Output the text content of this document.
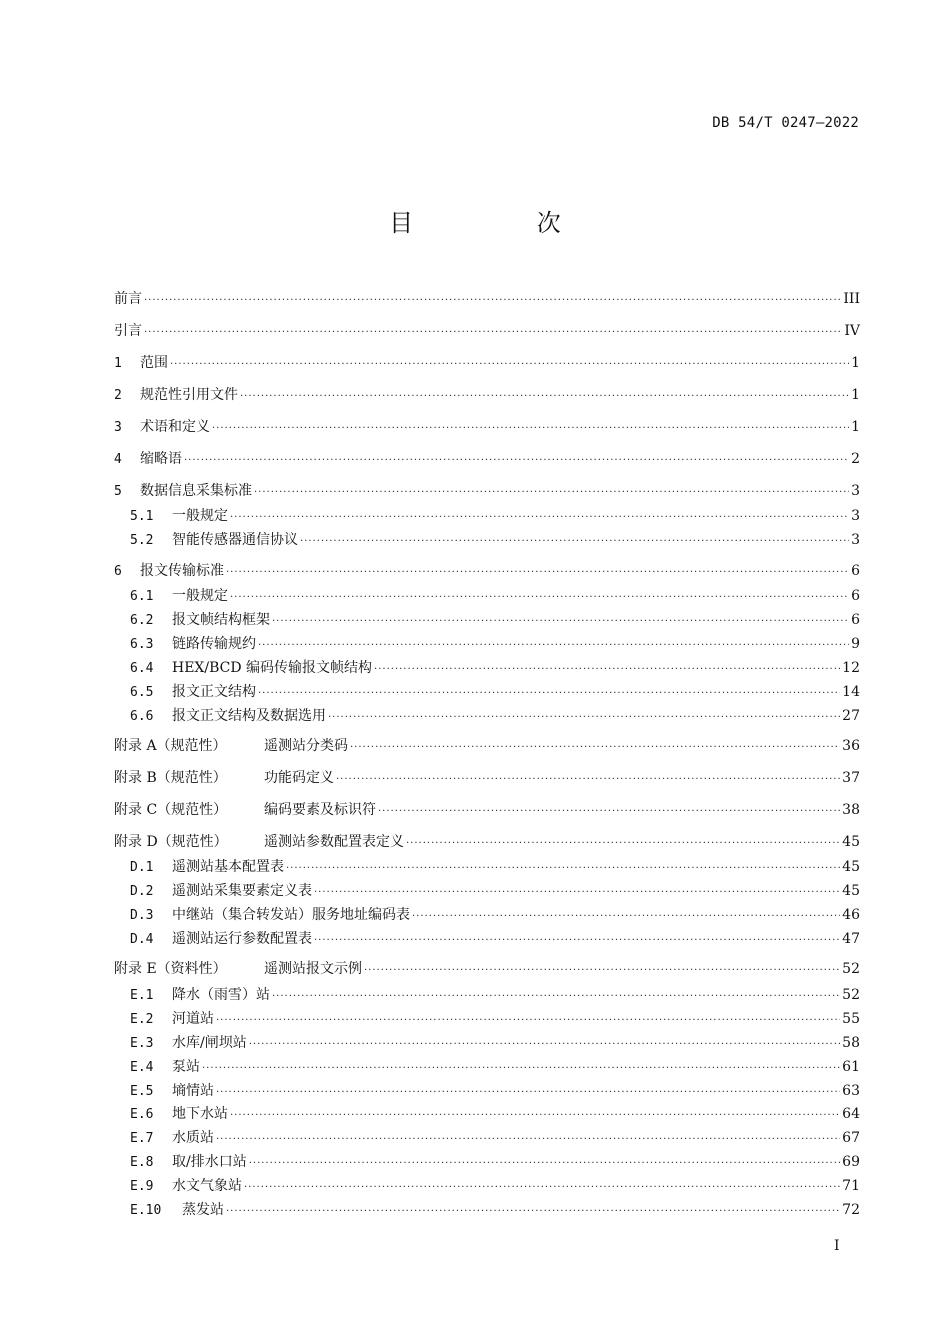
DB 54/T 0247—2022
目 次
前言 .....	III
引言 .....	IV
1	范围 .....	1
2	规范性引用文件 .....	1
3	术语和定义 .....	1
4	缩略语 .....	2
5	数据信息采集标准 .....	3
5.1	一般规定 .....	3
5.2	智能传感器通信协议 .....	3
6	报文传输标准 .....	6
6.1	一般规定 .....	6
6.2	报文帧结构框架 .....	6
6.3	链路传输规约 .....	9
6.4	HEX/BCD 编码传输报文帧结构 .....	12
6.5	报文正文结构 .....	14
6.6	报文正文结构及数据选用 .....	27
附录 A（规范性）	遥测站分类码 .....	36
附录 B（规范性）	功能码定义 .....	37
附录 C（规范性）	编码要素及标识符 .....	38
附录 D（规范性）	遥测站参数配置表定义 .....	45
D.1	遥测站基本配置表 .....	45
D.2	遥测站采集要素定义表 .....	45
D.3	中继站（集合转发站）服务地址编码表 .....	46
D.4	遥测站运行参数配置表 .....	47
附录 E（资料性）	遥测站报文示例 .....	52
E.1	降水（雨雪）站 .....	52
E.2	河道站 .....	55
E.3	水库/闸坝站 .....	58
E.4	泵站 .....	61
E.5	墒情站 .....	63
E.6	地下水站 .....	64
E.7	水质站 .....	67
E.8	取/排水口站 .....	69
E.9	水文气象站 .....	71
E.10	蒸发站 .....	72
I
